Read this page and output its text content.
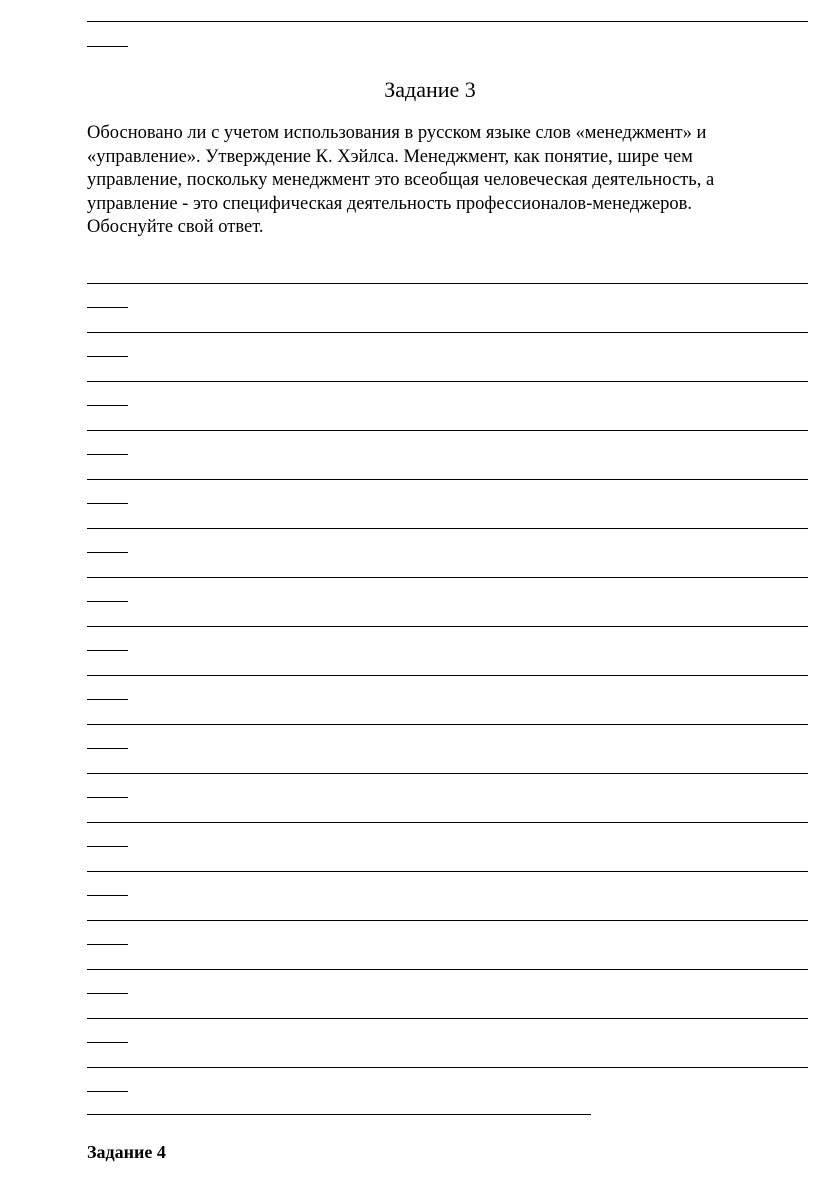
Задание 3

Обосновано ли с учетом использования в русском языке слов «менеджмент» и «управление». Утверждение К. Хэйлса. Менеджмент, как понятие, шире чем управление, поскольку менеджмент это всеобщая человеческая деятельность, а управление - это специфическая деятельность профессионалов-менеджеров. Обоснуйте свой ответ.

Задание 4
